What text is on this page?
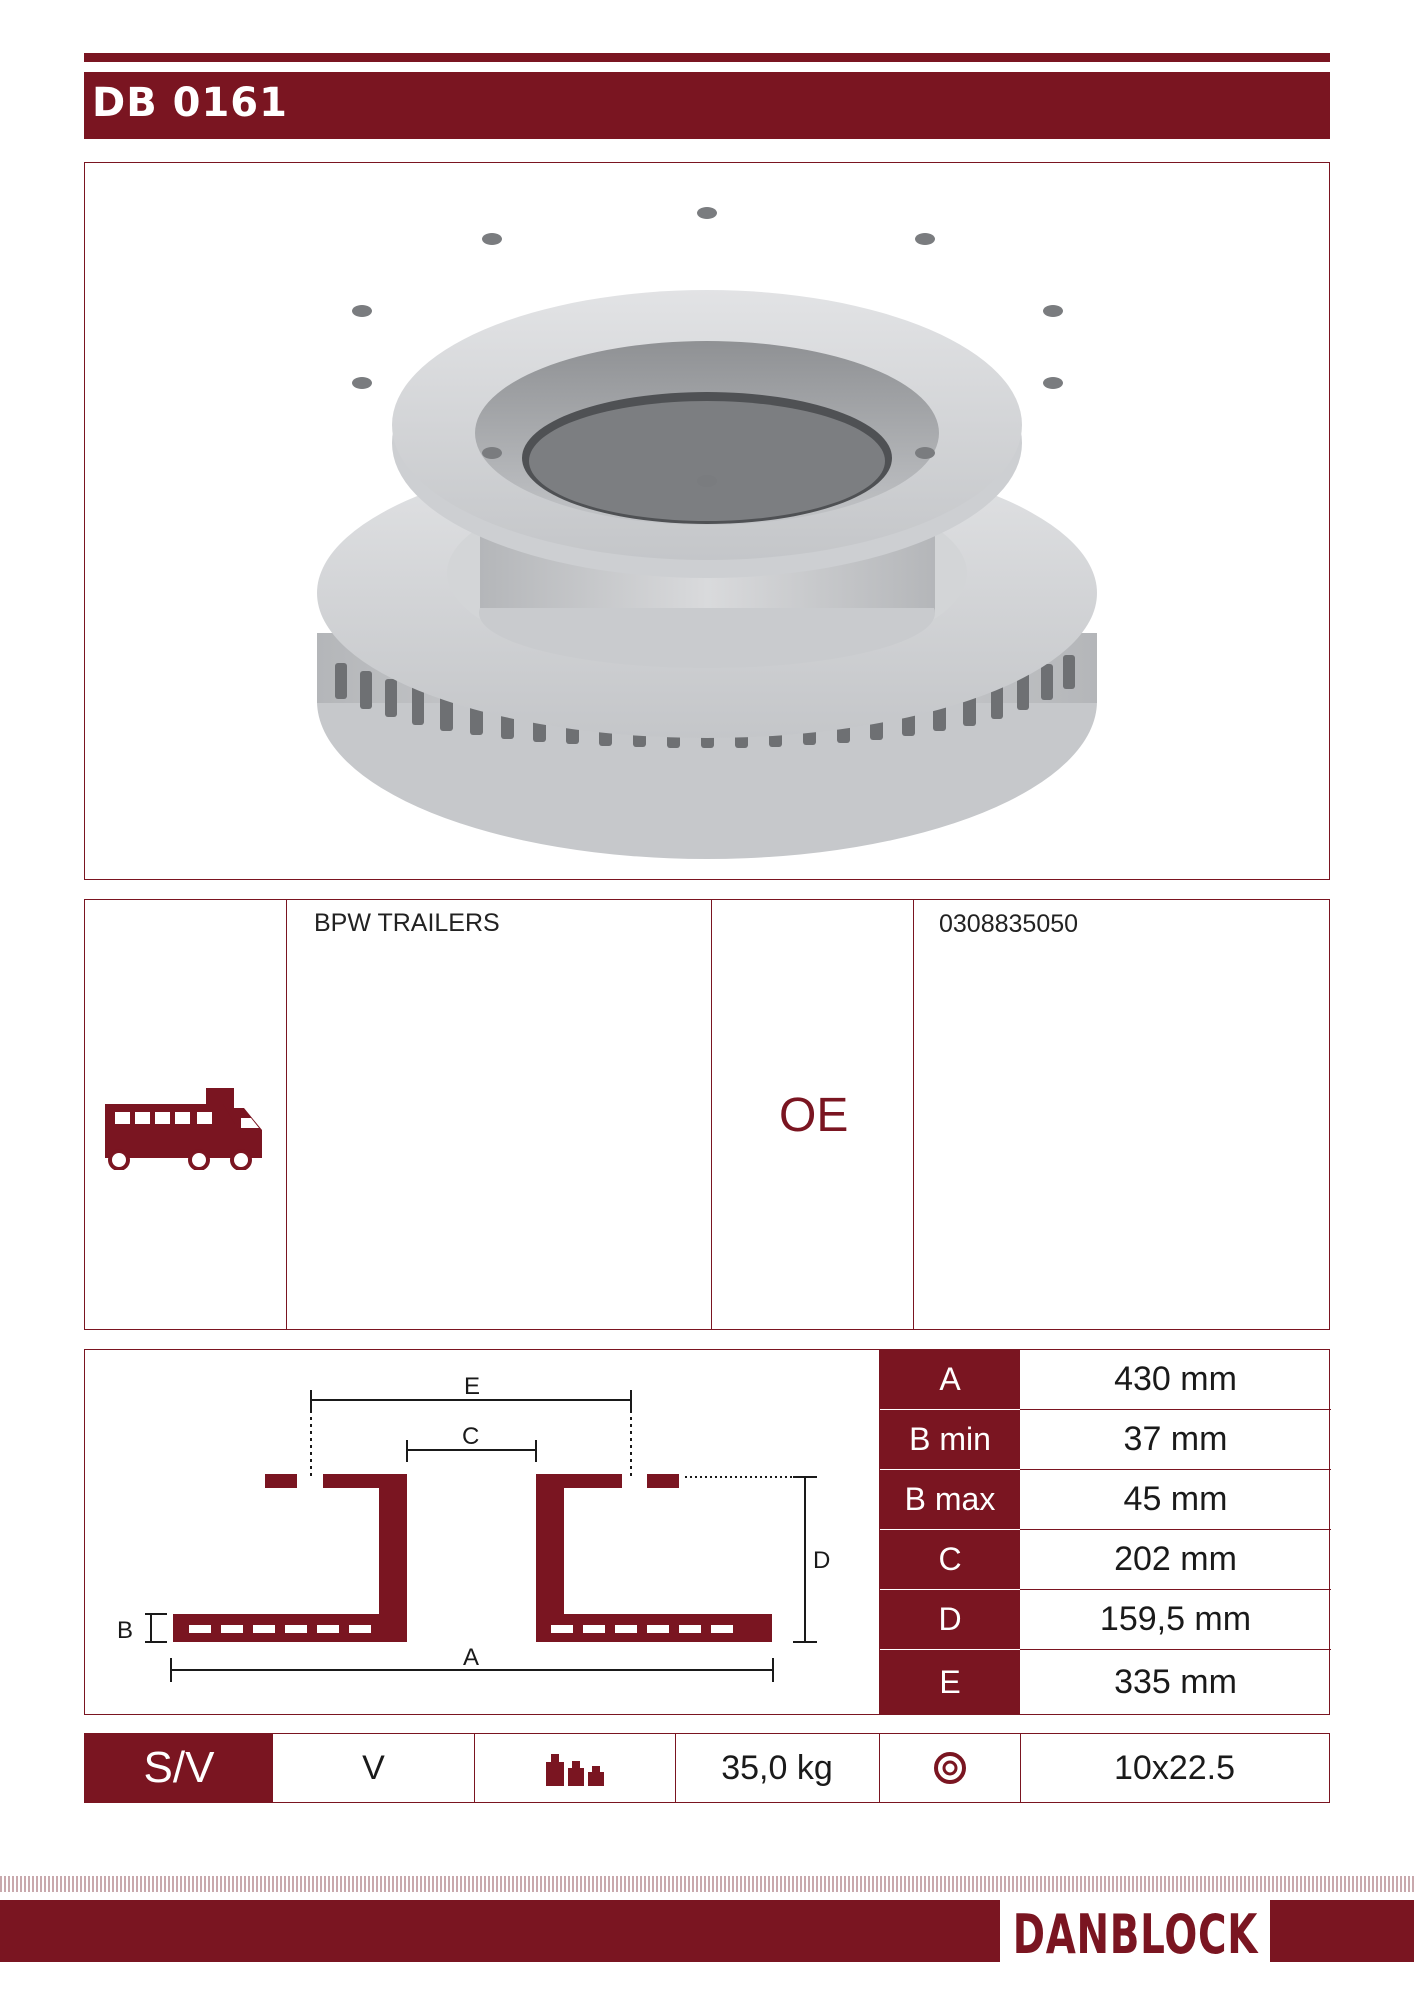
DB 0161
BPW TRAILERS
OE
0308835050
E
C
D
B
A
A	430 mm
B min	37 mm
B max	45 mm
C	202 mm
D	159,5 mm
E	335 mm
S/V	V	35,0 kg	10x22.5
DANBLOCK
